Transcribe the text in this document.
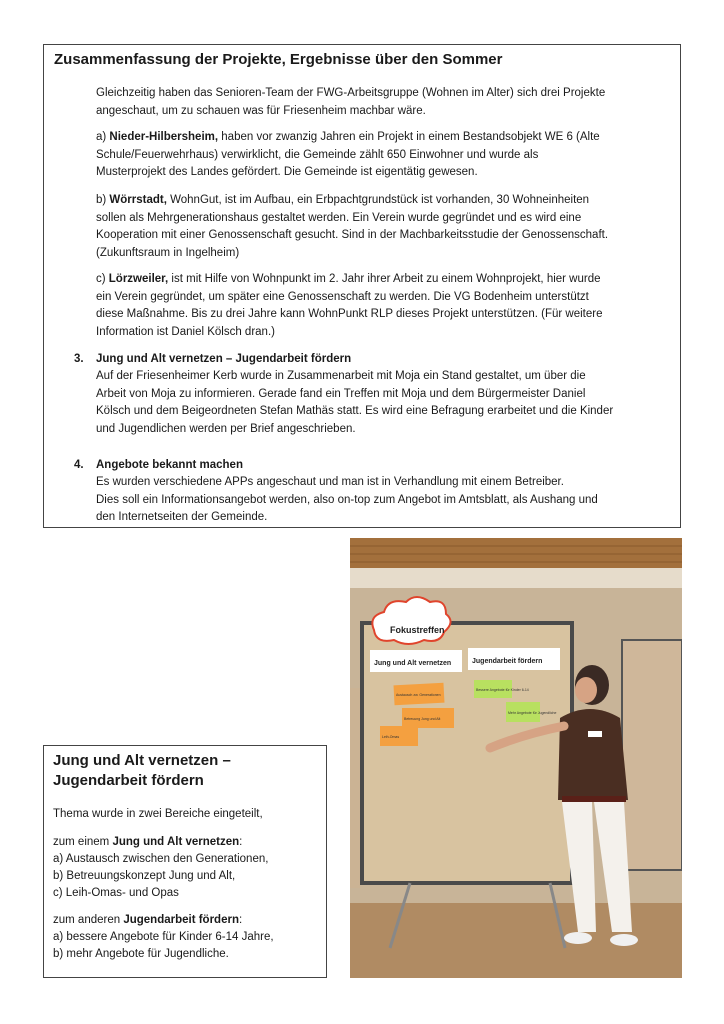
Zusammenfassung der Projekte, Ergebnisse über den Sommer

Gleichzeitig haben das Senioren-Team der FWG-Arbeitsgruppe (Wohnen im Alter) sich drei Projekte
angeschaut, um zu schauen was für Friesenheim machbar wäre.

a) Nieder-Hilbersheim, haben vor zwanzig Jahren ein Projekt in einem Bestandsobjekt WE 6 (Alte
Schule/Feuerwehrhaus) verwirklicht, die Gemeinde zählt 650 Einwohner und wurde als
Musterprojekt des Landes gefördert. Die Gemeinde ist eigentätig gewesen.

b) Wörrstadt, WohnGut, ist im Aufbau, ein Erbpachtgrundstück ist vorhanden, 30 Wohneinheiten
sollen als Mehrgenerationshaus gestaltet werden. Ein Verein wurde gegründet und es wird eine
Kooperation mit einer Genossenschaft gesucht. Sind in der Machbarkeitsstudie der Genossenschaft.
(Zukunftsraum in Ingelheim)

c) Lörzweiler, ist mit Hilfe von Wohnpunkt im 2. Jahr ihrer Arbeit zu einem Wohnprojekt, hier wurde
ein Verein gegründet, um später eine Genossenschaft zu werden. Die VG Bodenheim unterstützt
diese Maßnahme. Bis zu drei Jahre kann WohnPunkt RLP dieses Projekt unterstützen. (Für weitere
Information ist Daniel Kölsch dran.)

3. Jung und Alt vernetzen – Jugendarbeit fördern
Auf der Friesenheimer Kerb wurde in Zusammenarbeit mit Moja ein Stand gestaltet, um über die
Arbeit von Moja zu informieren. Gerade fand ein Treffen mit Moja und dem Bürgermeister Daniel
Kölsch und dem Beigeordneten Stefan Mathäs statt. Es wird eine Befragung erarbeitet und die Kinder
und Jugendlichen werden per Brief angeschrieben.
4. Angebote bekannt machen
Es wurden verschiedene APPs angeschaut und man ist in Verhandlung mit einem Betreiber.
Dies soll ein Informationsangebot werden, also on-top zum Angebot im Amtsblatt, als Aushang und
den Internetseiten der Gemeinde.
Fokustreffen
Jung und Alt vernetzen	Jugendarbeit fördern
Austausch zw. Generationen
Betreuung Jung und Alt
Leih-Omas
Bessere Angebote für Kinder 6-14
Mehr Angebote für Jugendliche
Jung und Alt vernetzen –
Jugendarbeit fördern

Thema wurde in zwei Bereiche eingeteilt,

zum einem Jung und Alt vernetzen:
a) Austausch zwischen den Generationen,
b) Betreuungskonzept Jung und Alt,
c) Leih-Omas- und Opas

zum anderen Jugendarbeit fördern:
a) bessere Angebote für Kinder 6-14 Jahre,
b) mehr Angebote für Jugendliche.
